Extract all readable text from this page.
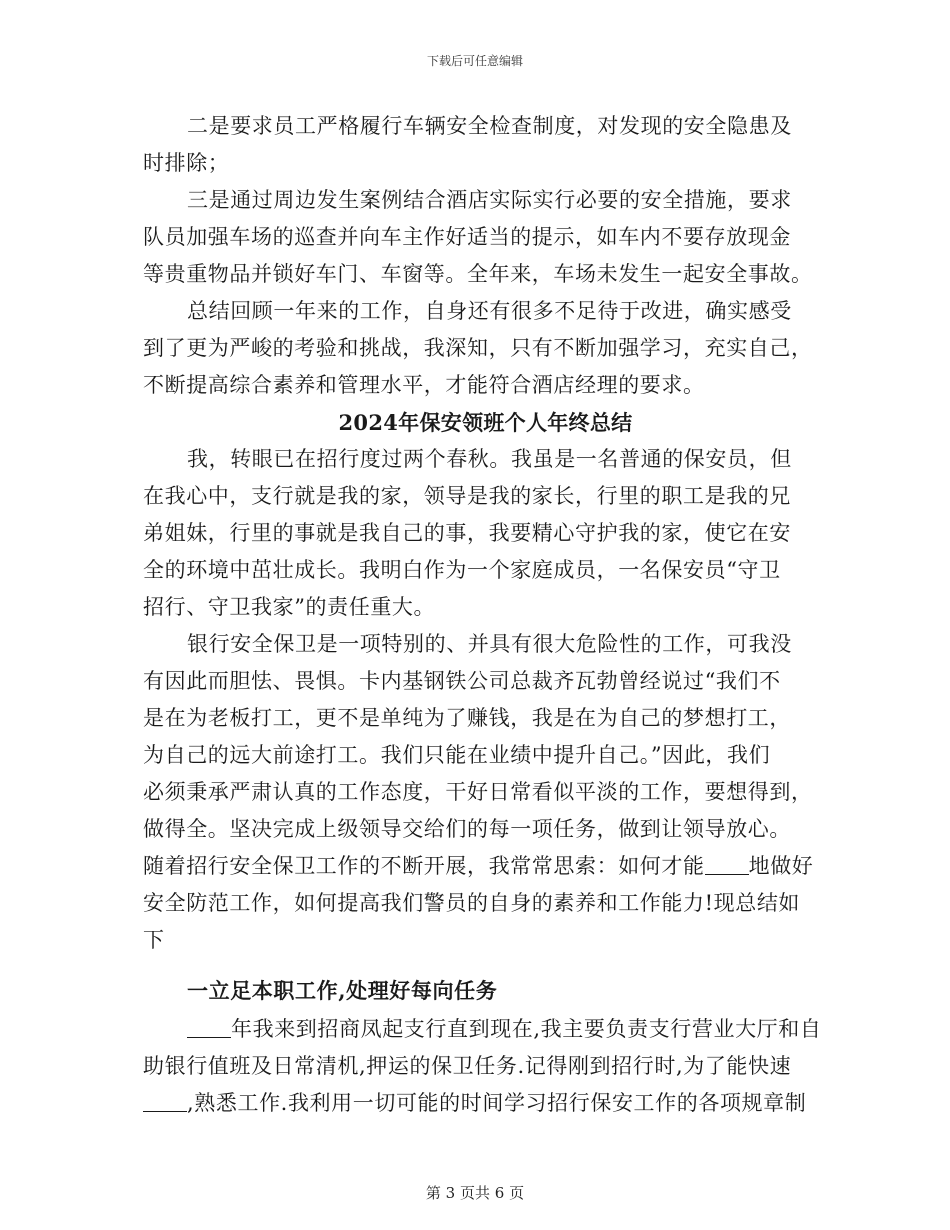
下载后可任意编辑
二是要求员工严格履行车辆安全检查制度，对发现的安全隐患及
时排除；
三是通过周边发生案例结合酒店实际实行必要的安全措施，要求
队员加强车场的巡查并向车主作好适当的提示，如车内不要存放现金
等贵重物品并锁好车门、车窗等。全年来，车场未发生一起安全事故。
总结回顾一年来的工作，自身还有很多不足待于改进，确实感受
到了更为严峻的考验和挑战，我深知，只有不断加强学习，充实自己，
不断提高综合素养和管理水平，才能符合酒店经理的要求。
2024年保安领班个人年终总结
我，转眼已在招行度过两个春秋。我虽是一名普通的保安员，但
在我心中，支行就是我的家，领导是我的家长，行里的职工是我的兄
弟姐妹，行里的事就是我自己的事，我要精心守护我的家，使它在安
全的环境中茁壮成长。我明白作为一个家庭成员，一名保安员“守卫
招行、守卫我家”的责任重大。
银行安全保卫是一项特别的、并具有很大危险性的工作，可我没
有因此而胆怯、畏惧。卡内基钢铁公司总裁齐瓦勃曾经说过“我们不
是在为老板打工，更不是单纯为了赚钱，我是在为自己的梦想打工，
为自己的远大前途打工。我们只能在业绩中提升自己。”因此，我们
必须秉承严肃认真的工作态度，干好日常看似平淡的工作，要想得到，
做得全。坚决完成上级领导交给们的每一项任务，做到让领导放心。
随着招行安全保卫工作的不断开展，我常常思索：如何才能 地做好
安全防范工作，如何提高我们警员的自身的素养和工作能力!现总结如
下
一立足本职工作,处理好每向任务
年我来到招商凤起支行直到现在,我主要负责支行营业大厅和自
助银行值班及日常清机,押运的保卫任务.记得刚到招行时,为了能快速
,熟悉工作.我利用一切可能的时间学习招行保安工作的各项规章制
第 3 页共 6 页
